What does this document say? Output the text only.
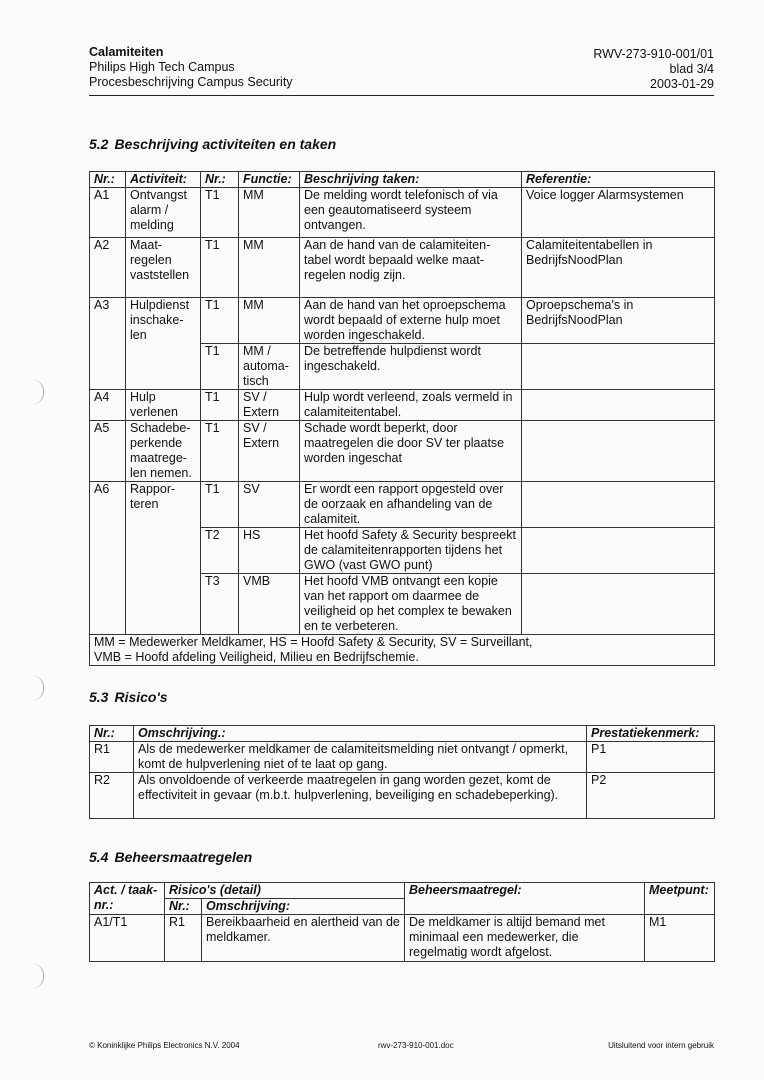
Calamiteiten
Philips High Tech Campus
Procesbeschrijving Campus Security
RWV-273-910-001/01
blad 3/4
2003-01-29
5.2 Beschrijving activiteiten en taken
Nr.:	Activiteit:	Nr.:	Functie:	Beschrijving taken:	Referentie:
A1	Ontvangst alarm / melding	T1	MM	De melding wordt telefonisch of via een geautomatiseerd systeem ontvangen.	Voice logger Alarmsystemen
A2	Maat-regelen vaststellen	T1	MM	Aan de hand van de calamiteiten-tabel wordt bepaald welke maat-regelen nodig zijn.	Calamiteitentabellen in BedrijfsNoodPlan
A3	Hulpdienst inschake-len	T1	MM	Aan de hand van het oproepschema wordt bepaald of externe hulp moet worden ingeschakeld.	Oproepschema's in BedrijfsNoodPlan
		T1	MM / automa-tisch	De betreffende hulpdienst wordt ingeschakeld.	
A4	Hulp verlenen	T1	SV / Extern	Hulp wordt verleend, zoals vermeld in calamiteitentabel.	
A5	Schadebe-perkende maatrege-len nemen.	T1	SV / Extern	Schade wordt beperkt, door maatregelen die door SV ter plaatse worden ingeschat	
A6	Rappor-teren	T1	SV	Er wordt een rapport opgesteld over de oorzaak en afhandeling van de calamiteit.	
		T2	HS	Het hoofd Safety & Security bespreekt de calamiteitenrapporten tijdens het GWO (vast GWO punt)	
		T3	VMB	Het hoofd VMB ontvangt een kopie van het rapport om daarmee de veiligheid op het complex te bewaken en te verbeteren.	

MM = Medewerker Meldkamer, HS = Hoofd Safety & Security, SV = Surveillant,
VMB = Hoofd afdeling Veiligheid, Milieu en Bedrijfschemie.					
5.3 Risico's
Nr.:	Omschrijving.:	Prestatiekenmerk:
R1	Als de medewerker meldkamer de calamiteitsmelding niet ontvangt / opmerkt, komt de hulpverlening niet of te laat op gang.	P1
R2	Als onvoldoende of verkeerde maatregelen in gang worden gezet, komt de effectiviteit in gevaar (m.b.t. hulpverlening, beveiliging en schadebeperking).	P2
5.4 Beheersmaatregelen
Act. / taak-nr.:	Risico's (detail)		Beheersmaatregel:	Meetpunt:
	Nr.:	Omschrijving:		
A1/T1	R1	Bereikbaarheid en alertheid van de meldkamer.	De meldkamer is altijd bemand met minimaal een medewerker, die regelmatig wordt afgelost.	M1
© Koninklijke Philips Electronics N.V. 2004	rwv-273-910-001.doc	Uitsluitend voor intern gebruik
